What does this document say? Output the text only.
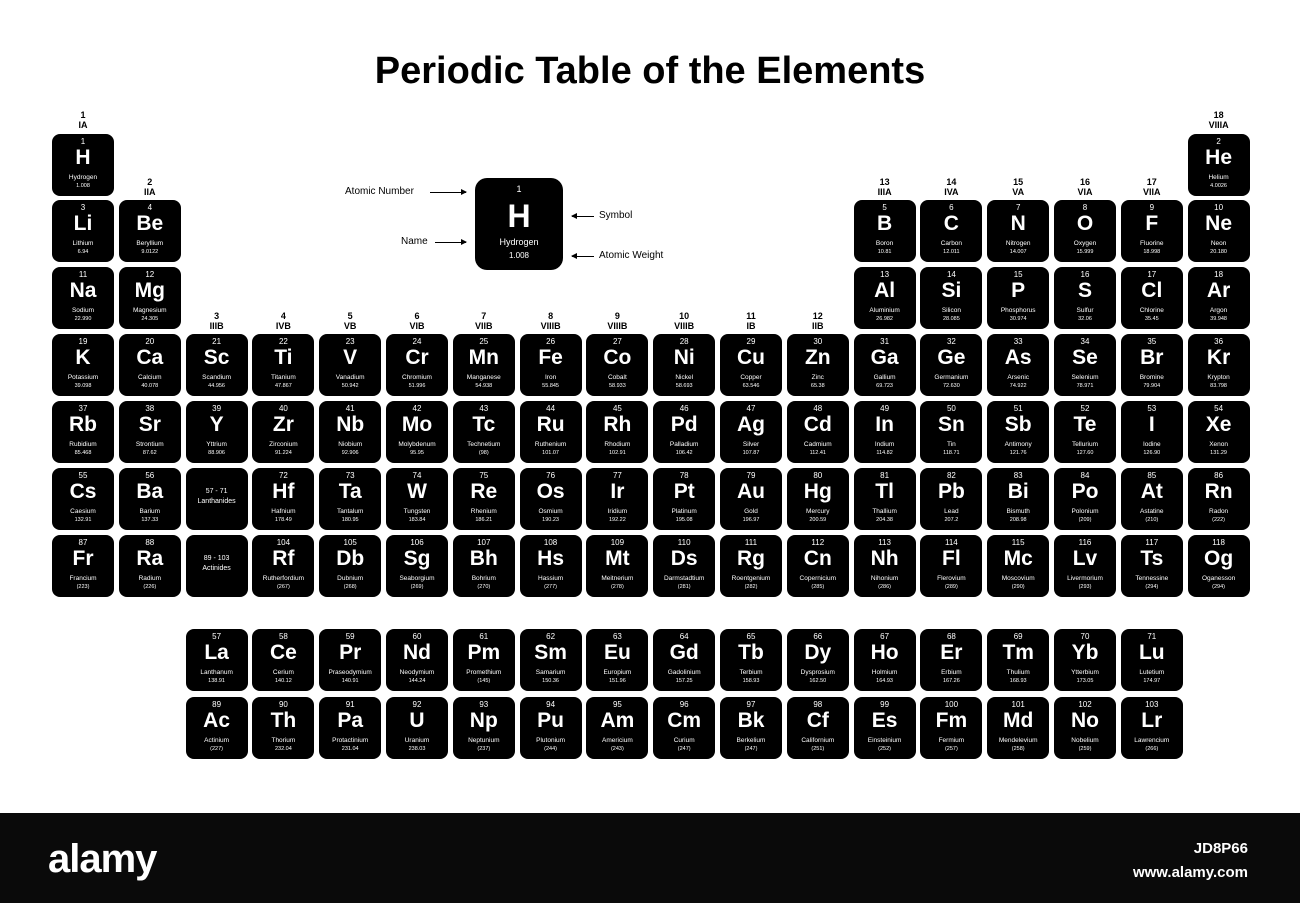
Periodic Table of the Elements
1
IA
2
IIA
3
IIIB
4
IVB
5
VB
6
VIB
7
VIIB
8
VIIIB
9
VIIIB
10
VIIIB
11
IB
12
IIB
13
IIIA
14
IVA
15
VA
16
VIA
17
VIIA
18
VIIIA
1
H
Hydrogen
1.008
2
He
Helium
4.0026
3
Li
Lithium
6.94
4
Be
Beryllium
9.0122
5
B
Boron
10.81
6
C
Carbon
12.011
7
N
Nitrogen
14.007
8
O
Oxygen
15.999
9
F
Fluorine
18.998
10
Ne
Neon
20.180
11
Na
Sodium
22.990
12
Mg
Magnesium
24.305
13
Al
Aluminium
26.982
14
Si
Silicon
28.085
15
P
Phosphorus
30.974
16
S
Sulfur
32.06
17
Cl
Chlorine
35.45
18
Ar
Argon
39.948
19
K
Potassium
39.098
20
Ca
Calcium
40.078
21
Sc
Scandium
44.956
22
Ti
Titanium
47.867
23
V
Vanadium
50.942
24
Cr
Chromium
51.996
25
Mn
Manganese
54.938
26
Fe
Iron
55.845
27
Co
Cobalt
58.933
28
Ni
Nickel
58.693
29
Cu
Copper
63.546
30
Zn
Zinc
65.38
31
Ga
Gallium
69.723
32
Ge
Germanium
72.630
33
As
Arsenic
74.922
34
Se
Selenium
78.971
35
Br
Bromine
79.904
36
Kr
Krypton
83.798
37
Rb
Rubidium
85.468
38
Sr
Strontium
87.62
39
Y
Yttrium
88.906
40
Zr
Zirconium
91.224
41
Nb
Niobium
92.906
42
Mo
Molybdenum
95.95
43
Tc
Technetium
(98)
44
Ru
Ruthenium
101.07
45
Rh
Rhodium
102.91
46
Pd
Palladium
106.42
47
Ag
Silver
107.87
48
Cd
Cadmium
112.41
49
In
Indium
114.82
50
Sn
Tin
118.71
51
Sb
Antimony
121.76
52
Te
Tellurium
127.60
53
I
Iodine
126.90
54
Xe
Xenon
131.29
55
Cs
Caesium
132.91
56
Ba
Barium
137.33
72
Hf
Hafnium
178.49
73
Ta
Tantalum
180.95
74
W
Tungsten
183.84
75
Re
Rhenium
186.21
76
Os
Osmium
190.23
77
Ir
Iridium
192.22
78
Pt
Platinum
195.08
79
Au
Gold
196.97
80
Hg
Mercury
200.59
81
Tl
Thallium
204.38
82
Pb
Lead
207.2
83
Bi
Bismuth
208.98
84
Po
Polonium
(209)
85
At
Astatine
(210)
86
Rn
Radon
(222)
87
Fr
Francium
(223)
88
Ra
Radium
(226)
104
Rf
Rutherfordium
(267)
105
Db
Dubnium
(268)
106
Sg
Seaborgium
(269)
107
Bh
Bohrium
(270)
108
Hs
Hassium
(277)
109
Mt
Meitnerium
(278)
110
Ds
Darmstadtium
(281)
111
Rg
Roentgenium
(282)
112
Cn
Copernicium
(285)
113
Nh
Nihonium
(286)
114
Fl
Flerovium
(289)
115
Mc
Moscovium
(290)
116
Lv
Livermorium
(293)
117
Ts
Tennessine
(294)
118
Og
Oganesson
(294)
57
La
Lanthanum
138.91
58
Ce
Cerium
140.12
59
Pr
Praseodymium
140.91
60
Nd
Neodymium
144.24
61
Pm
Promethium
(145)
62
Sm
Samarium
150.36
63
Eu
Europium
151.96
64
Gd
Gadolinium
157.25
65
Tb
Terbium
158.93
66
Dy
Dysprosium
162.50
67
Ho
Holmium
164.93
68
Er
Erbium
167.26
69
Tm
Thulium
168.93
70
Yb
Ytterbium
173.05
71
Lu
Lutetium
174.97
89
Ac
Actinium
(227)
90
Th
Thorium
232.04
91
Pa
Protactinium
231.04
92
U
Uranium
238.03
93
Np
Neptunium
(237)
94
Pu
Plutonium
(244)
95
Am
Americium
(243)
96
Cm
Curium
(247)
97
Bk
Berkelium
(247)
98
Cf
Californium
(251)
99
Es
Einsteinium
(252)
100
Fm
Fermium
(257)
101
Md
Mendelevium
(258)
102
No
Nobelium
(259)
103
Lr
Lawrencium
(266)
57 - 71
Lanthanides
89 - 103
Actinides
1
H
Hydrogen
1.008
Atomic Number
Name
Symbol
Atomic Weight
alamy	JD8P66
www.alamy.com
